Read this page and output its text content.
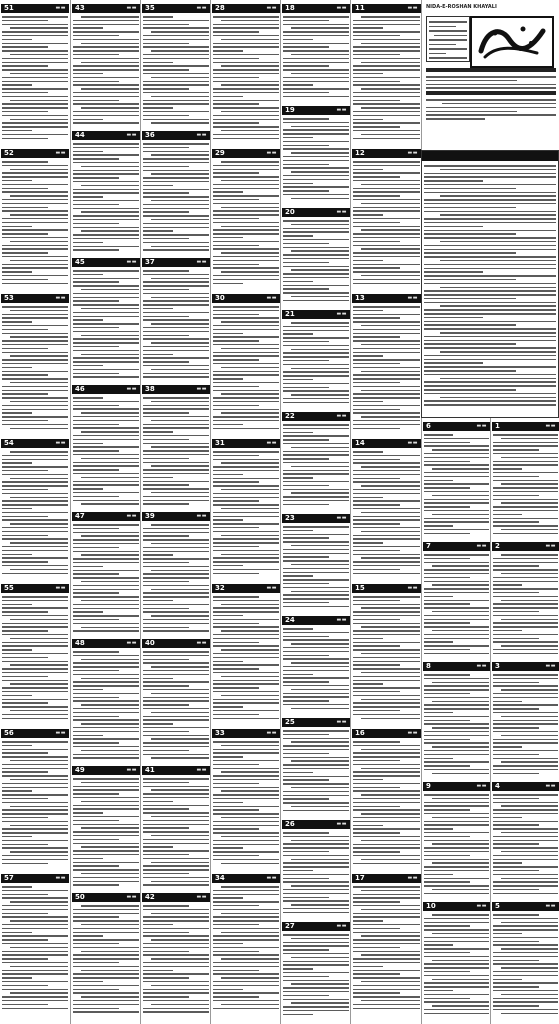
51	▬▬
52	▬▬
53	▬▬
54	▬▬
55	▬▬
56	▬▬
57	▬▬
43	▬▬
44	▬▬
45	▬▬
46	▬▬
47	▬▬
48	▬▬
49	▬▬
50	▬▬
35	▬▬
36	▬▬
37	▬▬
38	▬▬
39	▬▬
40	▬▬
41	▬▬
42	▬▬
28	▬▬
29	▬▬
30	▬▬
31	▬▬
32	▬▬
33	▬▬
34	▬▬
18	▬▬
19	▬▬
20	▬▬
21	▬▬
22	▬▬
23	▬▬
24	▬▬
25	▬▬
26	▬▬
27	▬▬
11	▬▬
12	▬▬
13	▬▬
14	▬▬
15	▬▬
16	▬▬
17	▬▬
6	▬▬
7	▬▬
8	▬▬
9	▬▬
10	▬▬
1	▬▬
2	▬▬
3	▬▬
4	▬▬
5	▬▬
NIDA-E-ROSHAN KHAYALI
